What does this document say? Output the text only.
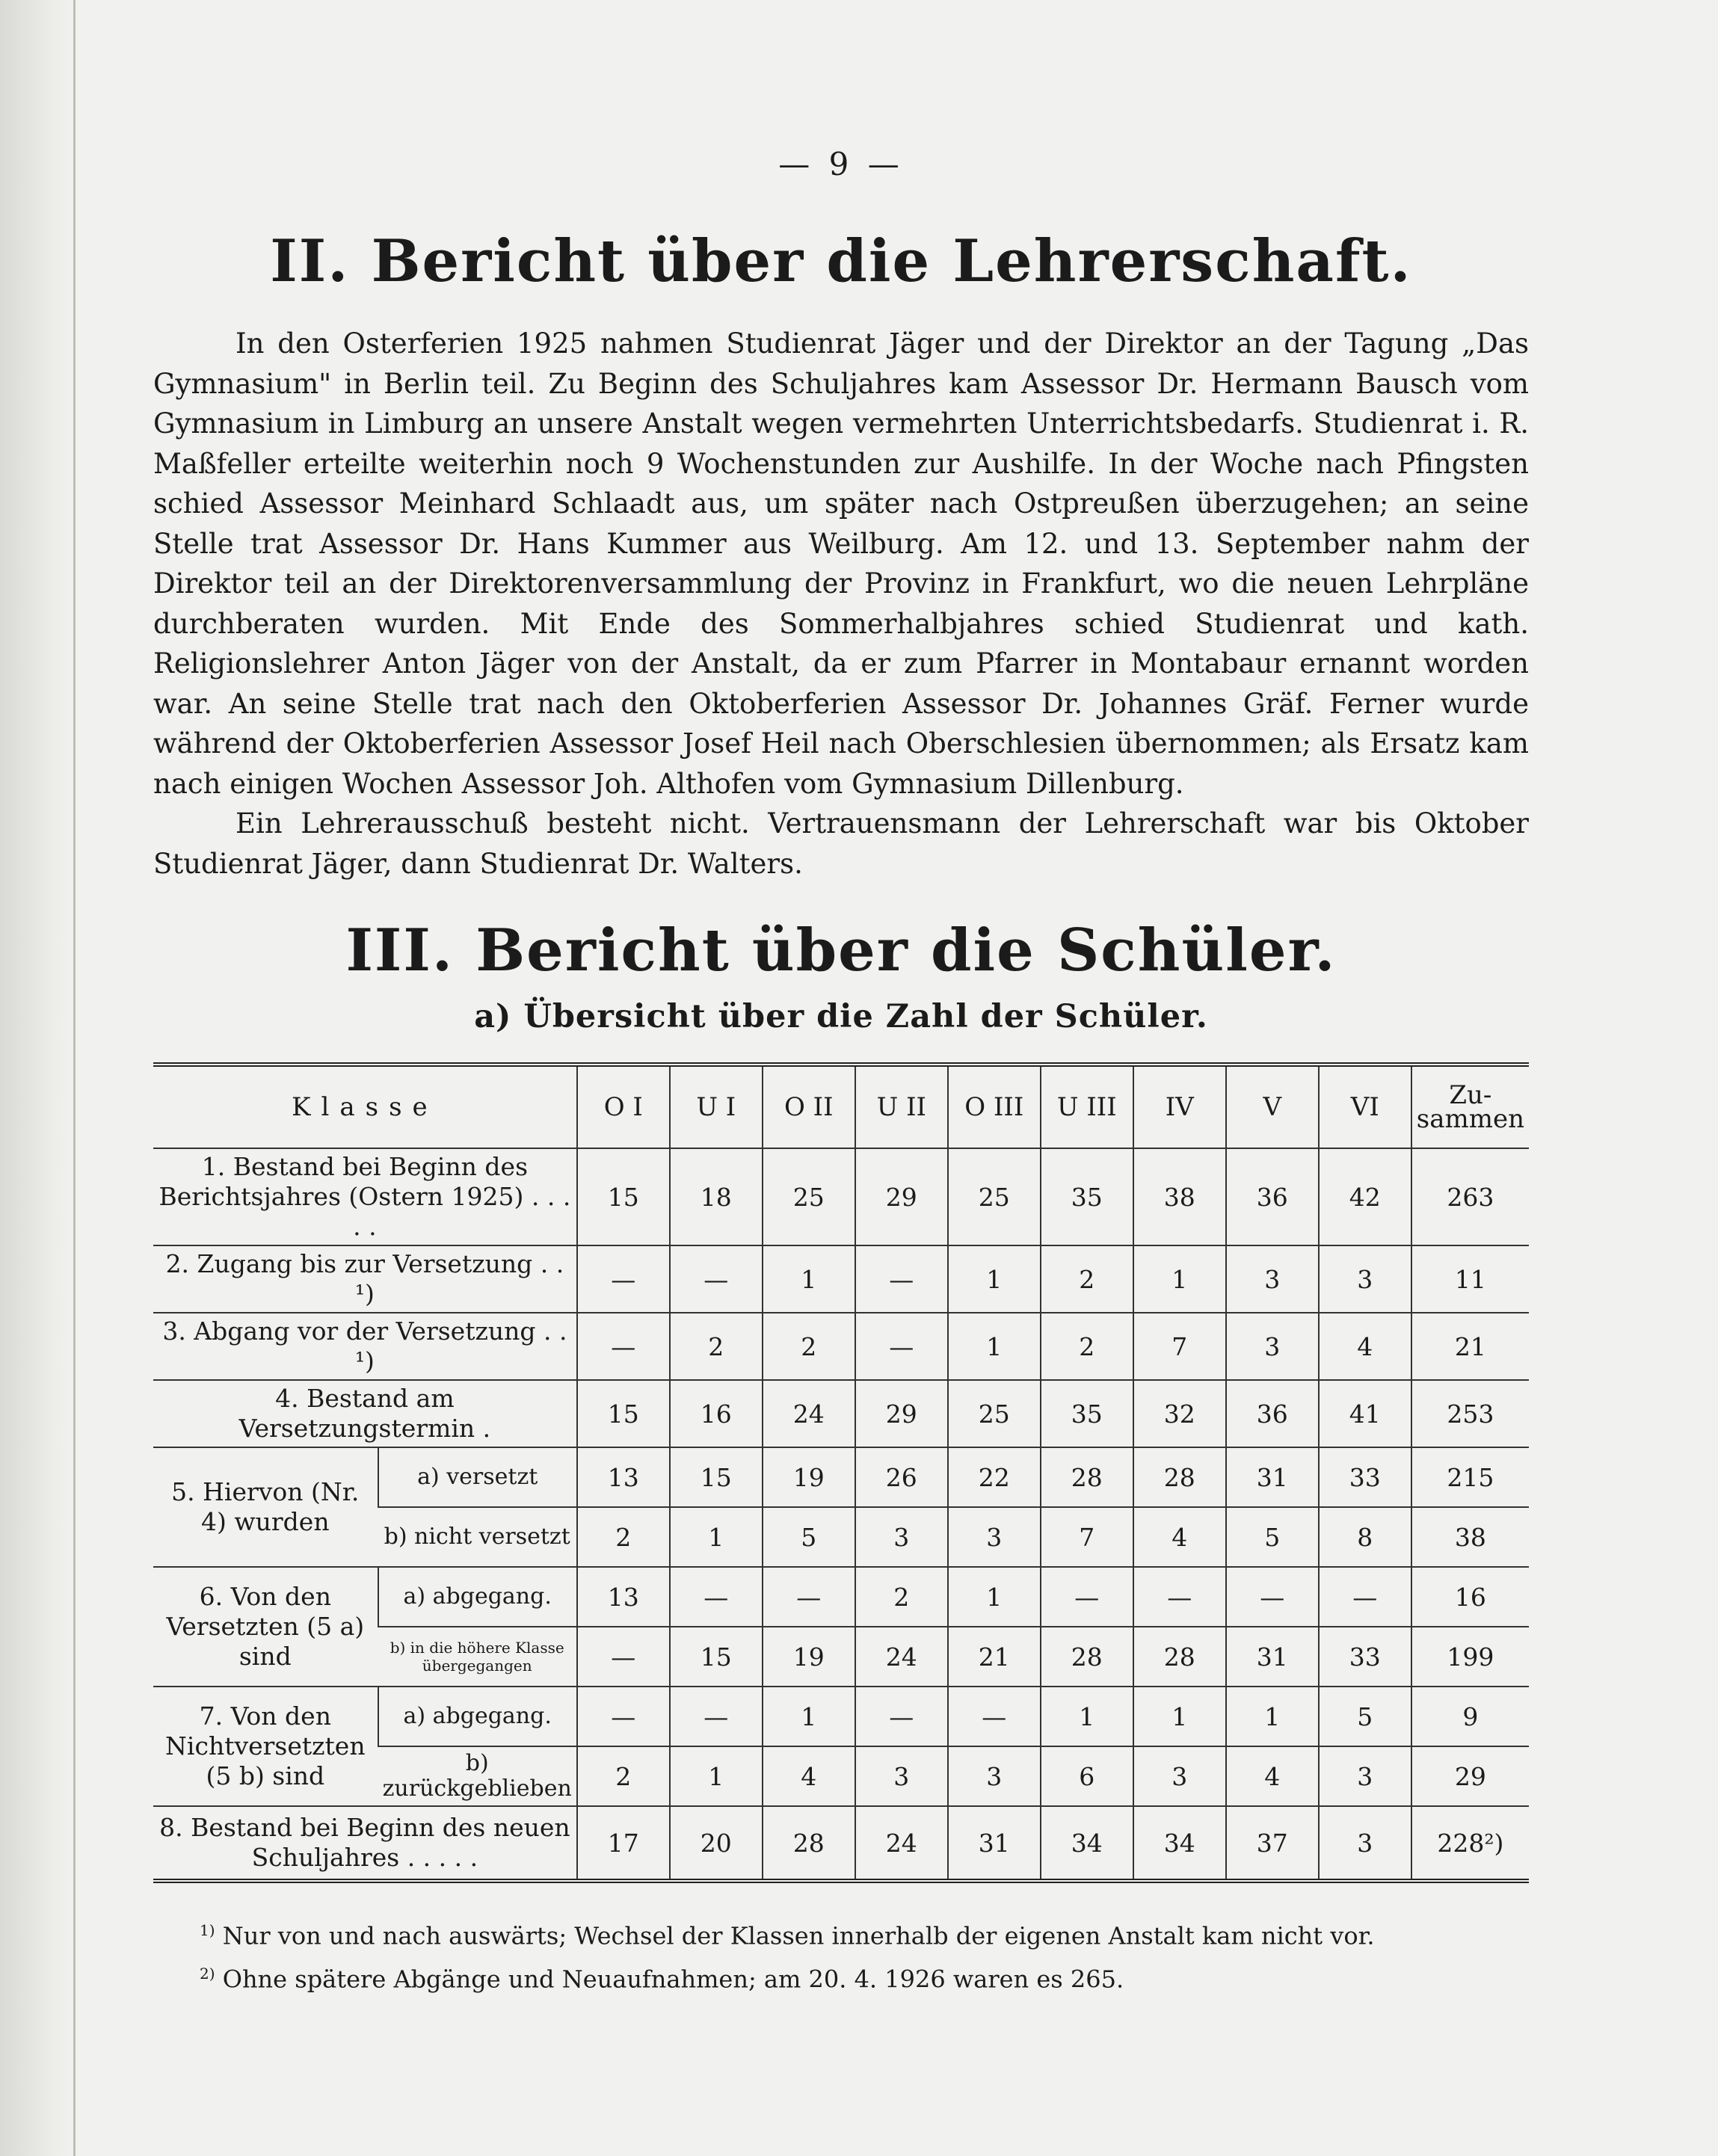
— 9 —
II. Bericht über die Lehrerschaft.

In den Osterferien 1925 nahmen Studienrat Jäger und der Direktor an der Tagung „Das Gymnasium" in Berlin teil. Zu Beginn des Schuljahres kam Assessor Dr. Hermann Bausch vom Gymnasium in Limburg an unsere Anstalt wegen vermehrten Unterrichtsbedarfs. Studienrat i. R. Maßfeller erteilte weiterhin noch 9 Wochenstunden zur Aushilfe. In der Woche nach Pfingsten schied Assessor Meinhard Schlaadt aus, um später nach Ostpreußen überzugehen; an seine Stelle trat Assessor Dr. Hans Kummer aus Weilburg. Am 12. und 13. September nahm der Direktor teil an der Direktorenversammlung der Provinz in Frankfurt, wo die neuen Lehrpläne durchberaten wurden. Mit Ende des Sommerhalbjahres schied Studienrat und kath. Religionslehrer Anton Jäger von der Anstalt, da er zum Pfarrer in Montabaur ernannt worden war. An seine Stelle trat nach den Oktoberferien Assessor Dr. Johannes Gräf. Ferner wurde während der Oktoberferien Assessor Josef Heil nach Oberschlesien übernommen; als Ersatz kam nach einigen Wochen Assessor Joh. Althofen vom Gymnasium Dillenburg.

Ein Lehrerausschuß besteht nicht. Vertrauensmann der Lehrerschaft war bis Oktober Studienrat Jäger, dann Studienrat Dr. Walters.

III. Bericht über die Schüler.
a) Übersicht über die Zahl der Schüler.
Klasse		O I	U I	O II	U II	O III	U III	IV	V	VI	Zu- sammen
1. Bestand bei Beginn des Berichtsjahres (Ostern 1925) . . . . .		15	18	25	29	25	35	38	36	42	263
2. Zugang bis zur Versetzung . . ¹)		—	—	1	—	1	2	1	3	3	11
3. Abgang vor der Versetzung . . ¹)		—	2	2	—	1	2	7	3	4	21
4. Bestand am Versetzungstermin .		15	16	24	29	25	35	32	36	41	253
5. Hiervon (Nr. 4) wurden	a) versetzt	13	15	19	26	22	28	28	31	33	215
	b) nicht versetzt	2	1	5	3	3	7	4	5	8	38
6. Von den Versetzten (5 a) sind	a) abgegang.	13	—	—	2	1	—	—	—	—	16
	b) in die höhere Klasse übergegangen	—	15	19	24	21	28	28	31	33	199
7. Von den Nichtversetzten (5 b) sind	a) abgegang.	—	—	1	—	—	1	1	1	5	9
	b) zurückgeblieben	2	1	4	3	3	6	3	4	3	29
8. Bestand bei Beginn des neuen Schuljahres . . . . .		17	20	28	24	31	34	34	37	3	228²)
$^{1)}$ Nur von und nach auswärts; Wechsel der Klassen innerhalb der eigenen Anstalt kam nicht vor.
$^{2)}$ Ohne spätere Abgänge und Neuaufnahmen; am 20. 4. 1926 waren es 265.
